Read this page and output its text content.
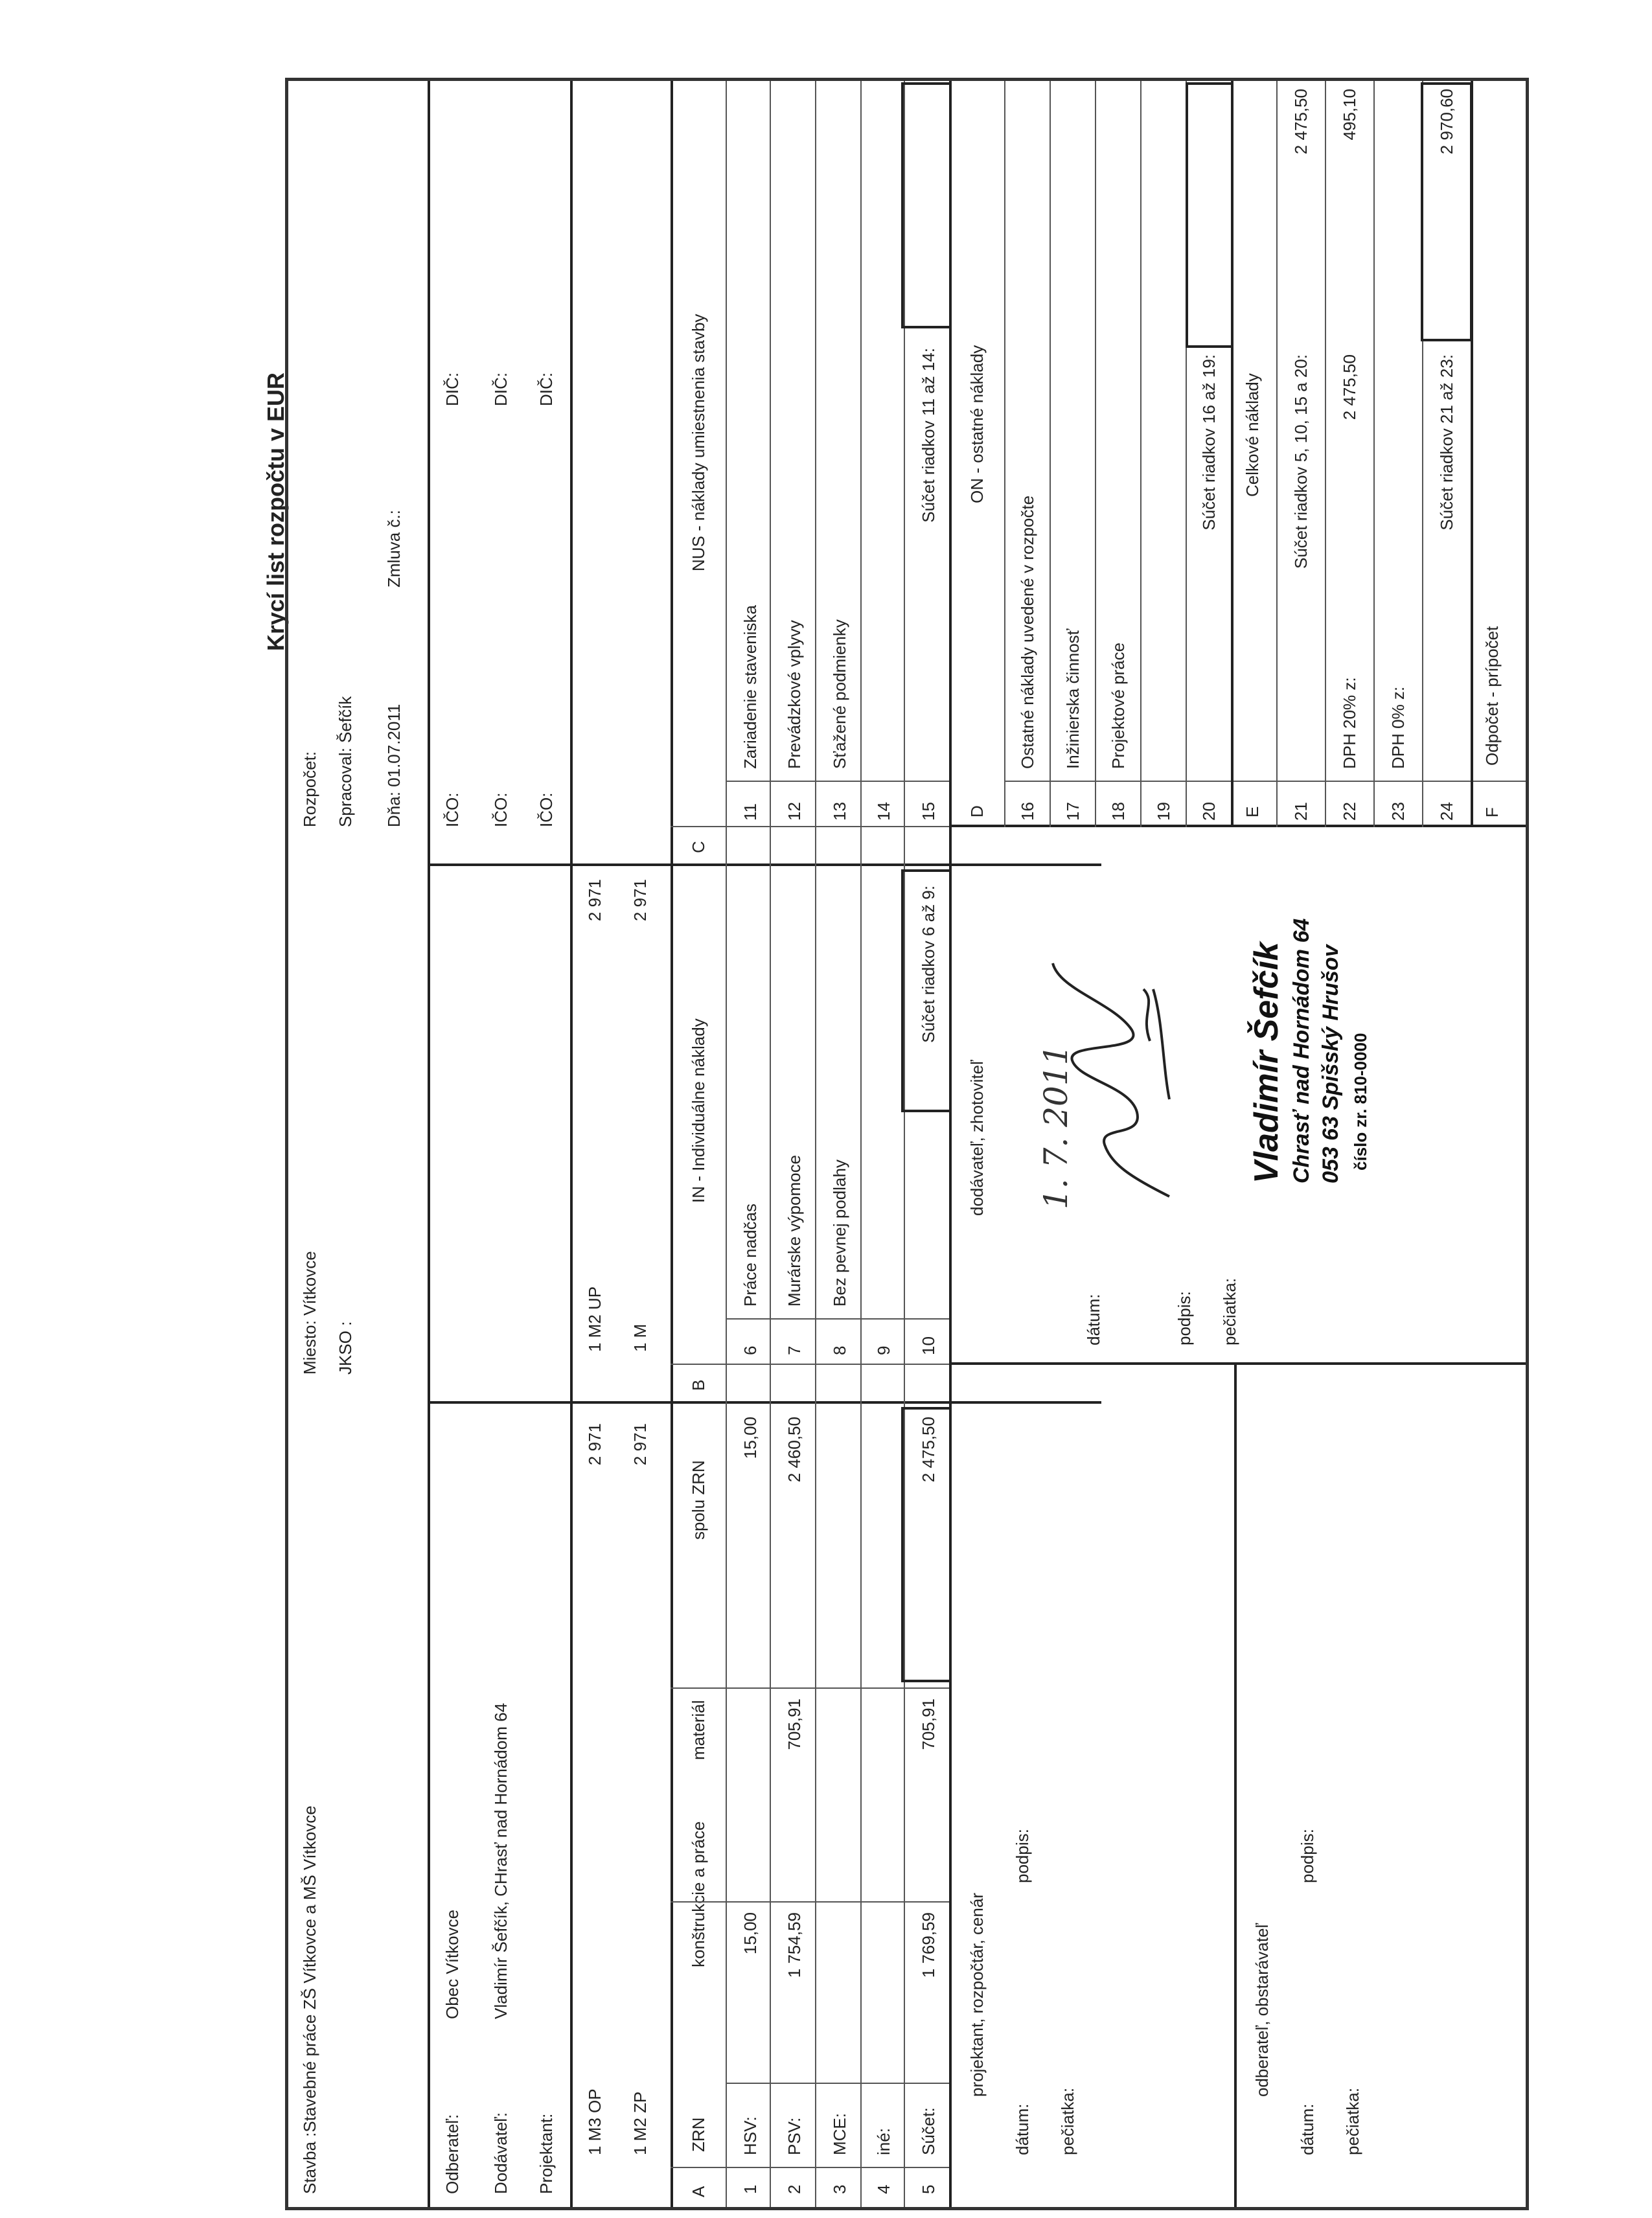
Krycí list rozpočtu v EUR
Stavba :Stavebné práce ZŠ Vítkovce a MŠ Vítkovce
Miesto: Vítkovce
Rozpočet:
JKSO :
Spracoval: Šefčík Dňa: 01.07.2011
Zmluva č.:
Odberateľ:
Obec Vítkovce
IČO:
DIČ:
Dodávateľ:
Vladimír Šefčík, CHrasť nad Hornádom 64
IČO:
DIČ:
Projektant:
IČO:
DIČ:
1 M3 OP
2 971
1 M2 UP
2 971
1 M2 ZP
2 971
1 M
2 971
A
ZRN
konštrukcie a práce
materiál
spolu ZRN
B
IN - Individuálne náklady
C
NUS - náklady umiestnenia stavby
1
HSV:
15,00
15,00
2
PSV:
1 754,59
705,91
2 460,50
3
MCE:
4
iné:
5
Súčet:
1 769,59
705,91
2 475,50
6
Práce nadčas
7
Murárske výpomoce
8
Bez pevnej podlahy
9 10
Súčet riadkov 6 až 9:
11
Zariadenie staveniska
12
Prevádzkové vplyvy
13
Sťažené podmienky
14 15
Súčet riadkov 11 až 14:
projektant, rozpočtár, cenár
dátum:
podpis:
pečiatka:
odberateľ, obstarávateľ
dátum:
podpis:
pečiatka:
dodávateľ, zhotoviteľ
dátum:	podpis: pečiatka:
1. 7. 2011	Vladimír Šefčík Chrasť nad Hornádom 64 053 63 Spišský Hrušov číslo zr. 810-0000
D
ON - ostatné náklady
16
Ostatné náklady uvedené v rozpočte
17
Inžinierska činnosť
18
Projektové práce
19 20
Súčet riadkov 16 až 19:
E
Celkové náklady
21
Súčet riadkov 5, 10, 15 a 20:
2 475,50
22
DPH 20% z:
2 475,50
495,10
23
DPH 0% z:
24
Súčet riadkov 21 až 23:
2 970,60
F
Odpočet - prípočet
